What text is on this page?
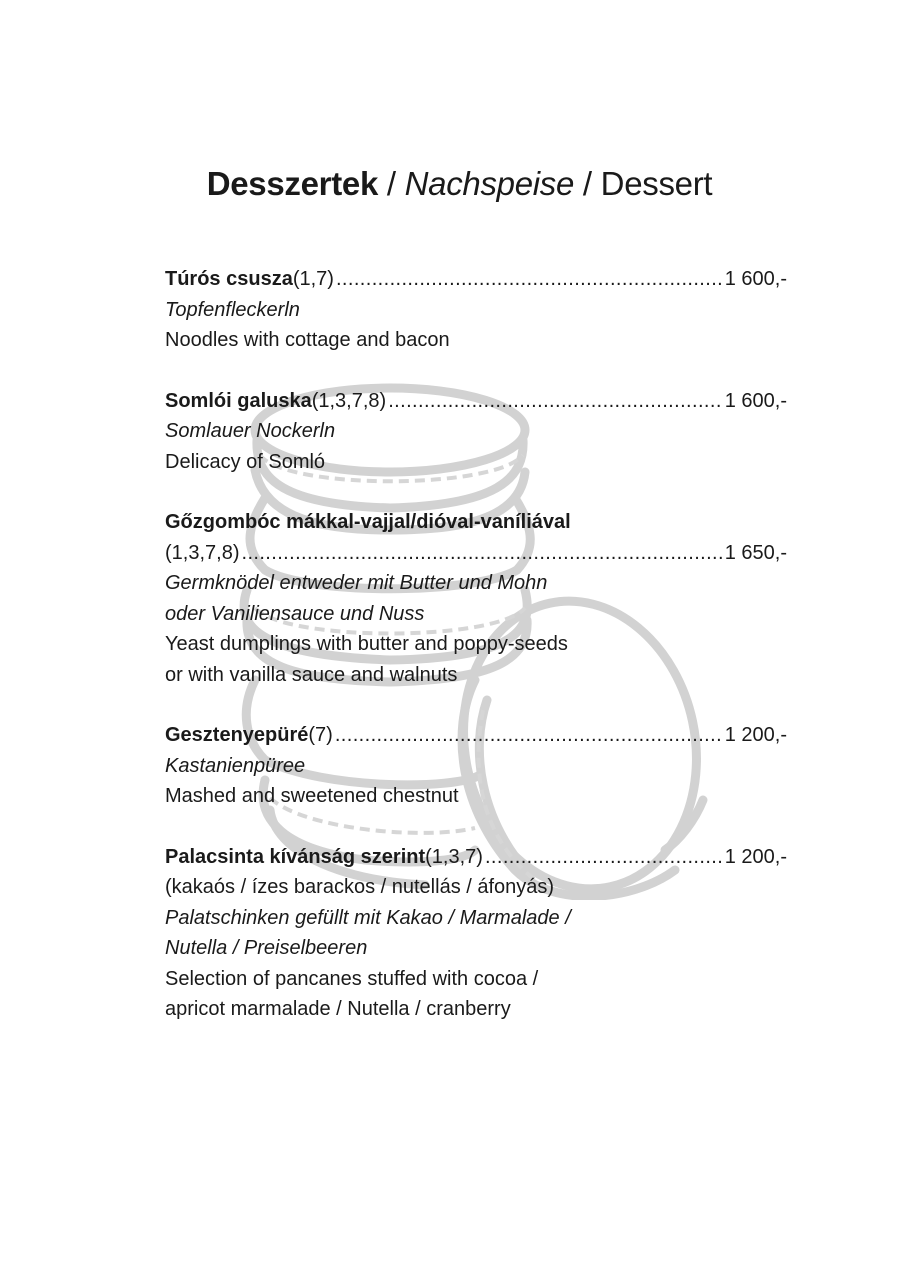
Desszertek / Nachspeise / Dessert
Túrós csusza (1,7) .....	1 600,-
Topfenfleckerln
Noodles with cottage and bacon
Somlói galuska (1,3,7,8) .....	1 600,-
Somlauer Nockerln
Delicacy of Somló
Gőzgombóc mákkal-vajjal/dióval-vaníliával
(1,3,7,8) .....	1 650,-
Germknödel entweder mit Butter und Mohn
oder Vaniliensauce und Nuss
Yeast dumplings with butter and poppy-seeds
or with vanilla sauce and walnuts
Gesztenyepüré (7) .....	1 200,-
Kastanienpüree
Mashed and sweetened chestnut
Palacsinta kívánság szerint (1,3,7) .....	1 200,-
(kakaós / ízes barackos / nutellás / áfonyás)
Palatschinken gefüllt mit Kakao / Marmalade /
Nutella / Preiselbeeren
Selection of pancanes stuffed with cocoa /
apricot marmalade / Nutella / cranberry
